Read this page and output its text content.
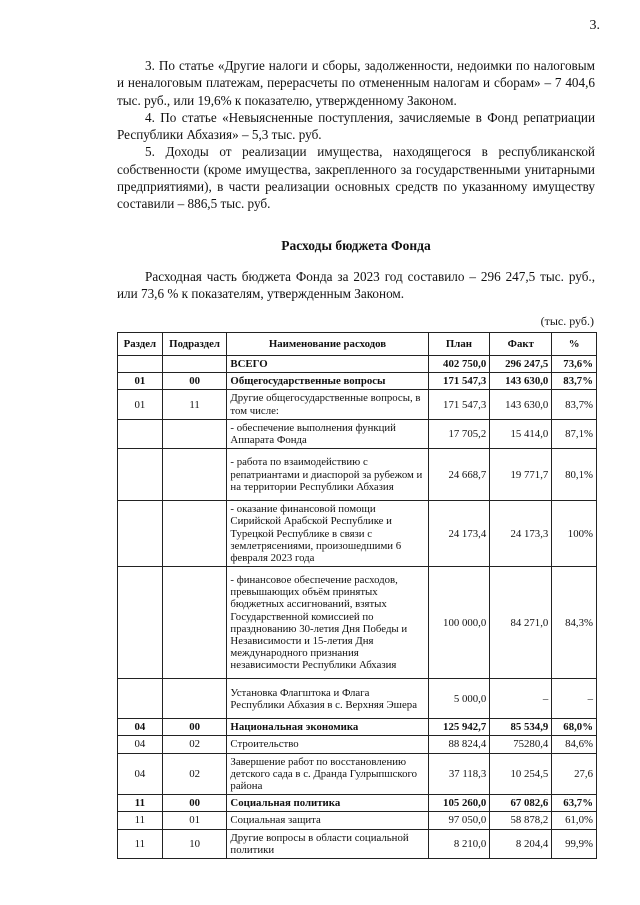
3.

3. По статье «Другие налоги и сборы, задолженности, недоимки по налоговым и неналоговым платежам, перерасчеты по отмененным налогам и сборам» – 7 404,6 тыс. руб., или 19,6% к показателю, утвержденному Законом.

4. По статье «Невыясненные поступления, зачисляемые в Фонд репатриации Республики Абхазия» – 5,3 тыс. руб.

5. Доходы от реализации имущества, находящегося в республиканской собственности (кроме имущества, закрепленного за государственными унитарными предприятиями), в части реализации основных средств по указанному имуществу составили – 886,5 тыс. руб.

Расходы бюджета Фонда

Расходная часть бюджета Фонда за 2023 год составило – 296 247,5 тыс. руб., или 73,6 % к показателям, утвержденным Законом.

(тыс. руб.)
Раздел	Подраздел	Наименование расходов	План	Факт	%
		ВСЕГО	402 750,0	296 247,5	73,6%
01	00	Общегосударственные вопросы	171 547,3	143 630,0	83,7%
01	11	Другие общегосударственные вопросы, в том числе:	171 547,3	143 630,0	83,7%
		- обеспечение выполнения функций Аппарата Фонда	17 705,2	15 414,0	87,1%
		- работа по взаимодействию с репатриантами и диаспорой за рубежом и на территории Республики Абхазия	24 668,7	19 771,7	80,1%
		- оказание финансовой помощи Сирийской Арабской Республике и Турецкой Республике в связи с землетрясениями, произошедшими 6 февраля 2023 года	24 173,4	24 173,3	100%
		- финансовое обеспечение расходов, превышающих объём принятых бюджетных ассигнований, взятых Государственной комиссией по празднованию 30-летия Дня Победы и Независимости и 15-летия Дня международного признания независимости Республики Абхазия	100 000,0	84 271,0	84,3%
		Установка Флагштока и Флага Республики Абхазия в с. Верхняя Эшера	5 000,0	–	–
04	00	Национальная экономика	125 942,7	85 534,9	68,0%
04	02	Строительство	88 824,4	75280,4	84,6%
04	02	Завершение работ по восстановлению детского сада в с. Дранда Гулрыпшского района	37 118,3	10 254,5	27,6
11	00	Социальная политика	105 260,0	67 082,6	63,7%
11	01	Социальная защита	97 050,0	58 878,2	61,0%
11	10	Другие вопросы в области социальной политики	8 210,0	8 204,4	99,9%
